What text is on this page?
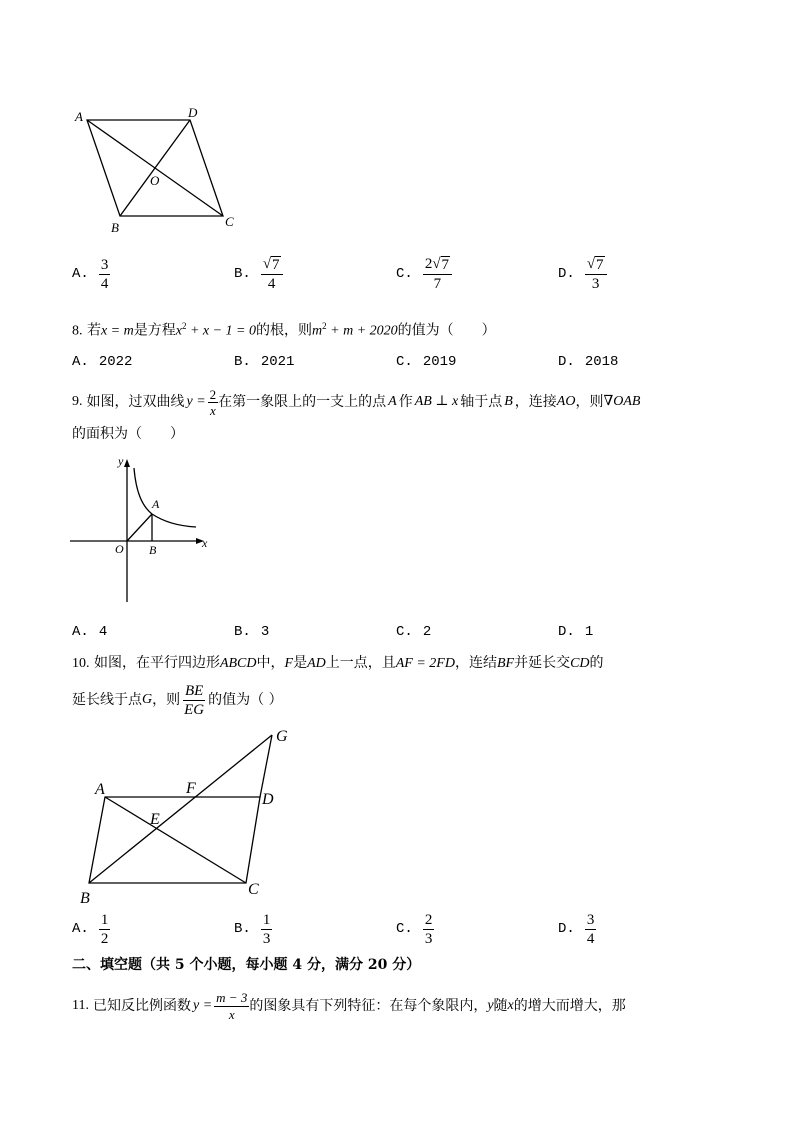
A	D
O
B	C
A. $\frac{3}{4}$	B. $\frac{√ 7}{4}$	C. $\frac{2 √ 7}{7}$	D. $\frac{√ 7}{3}$
8. 若x = m是方程$x^2 + x - 1 = 0$的根，则$m^2 + m + 2020$的值为（　　）
A. 2022	B. 2021	C. 2019	D. 2018
9. 如图，过双曲线 $y = \frac{2}{x}$ 在第一象限上的一支上的点 A 作 AB ⊥ x 轴于点 B ，连接 AO ，则 ∇OAB
的面积为（　　）
y
x
O
A
B
A. 4	B. 3	C. 2	D. 1
10. 如图，在平行四边形ABCD中，F是AD上一点，且AF = 2FD，连结BF并延长交CD的
延长线于点 G ，则 $\frac{BE}{EG}$ 的值为（ ）
A	F
D
G
E
B
C
A. $\frac{1}{2}$	B. $\frac{1}{3}$	C. $\frac{2}{3}$	D. $\frac{3}{4}$
二、填空题（共 5 个小题，每小题 4 分，满分 20 分）
11. 已知反比例函数 $y = \frac{m - 3}{x}$ 的图象具有下列特征：在每个象限内， y 随 x 的增大而增大，那
